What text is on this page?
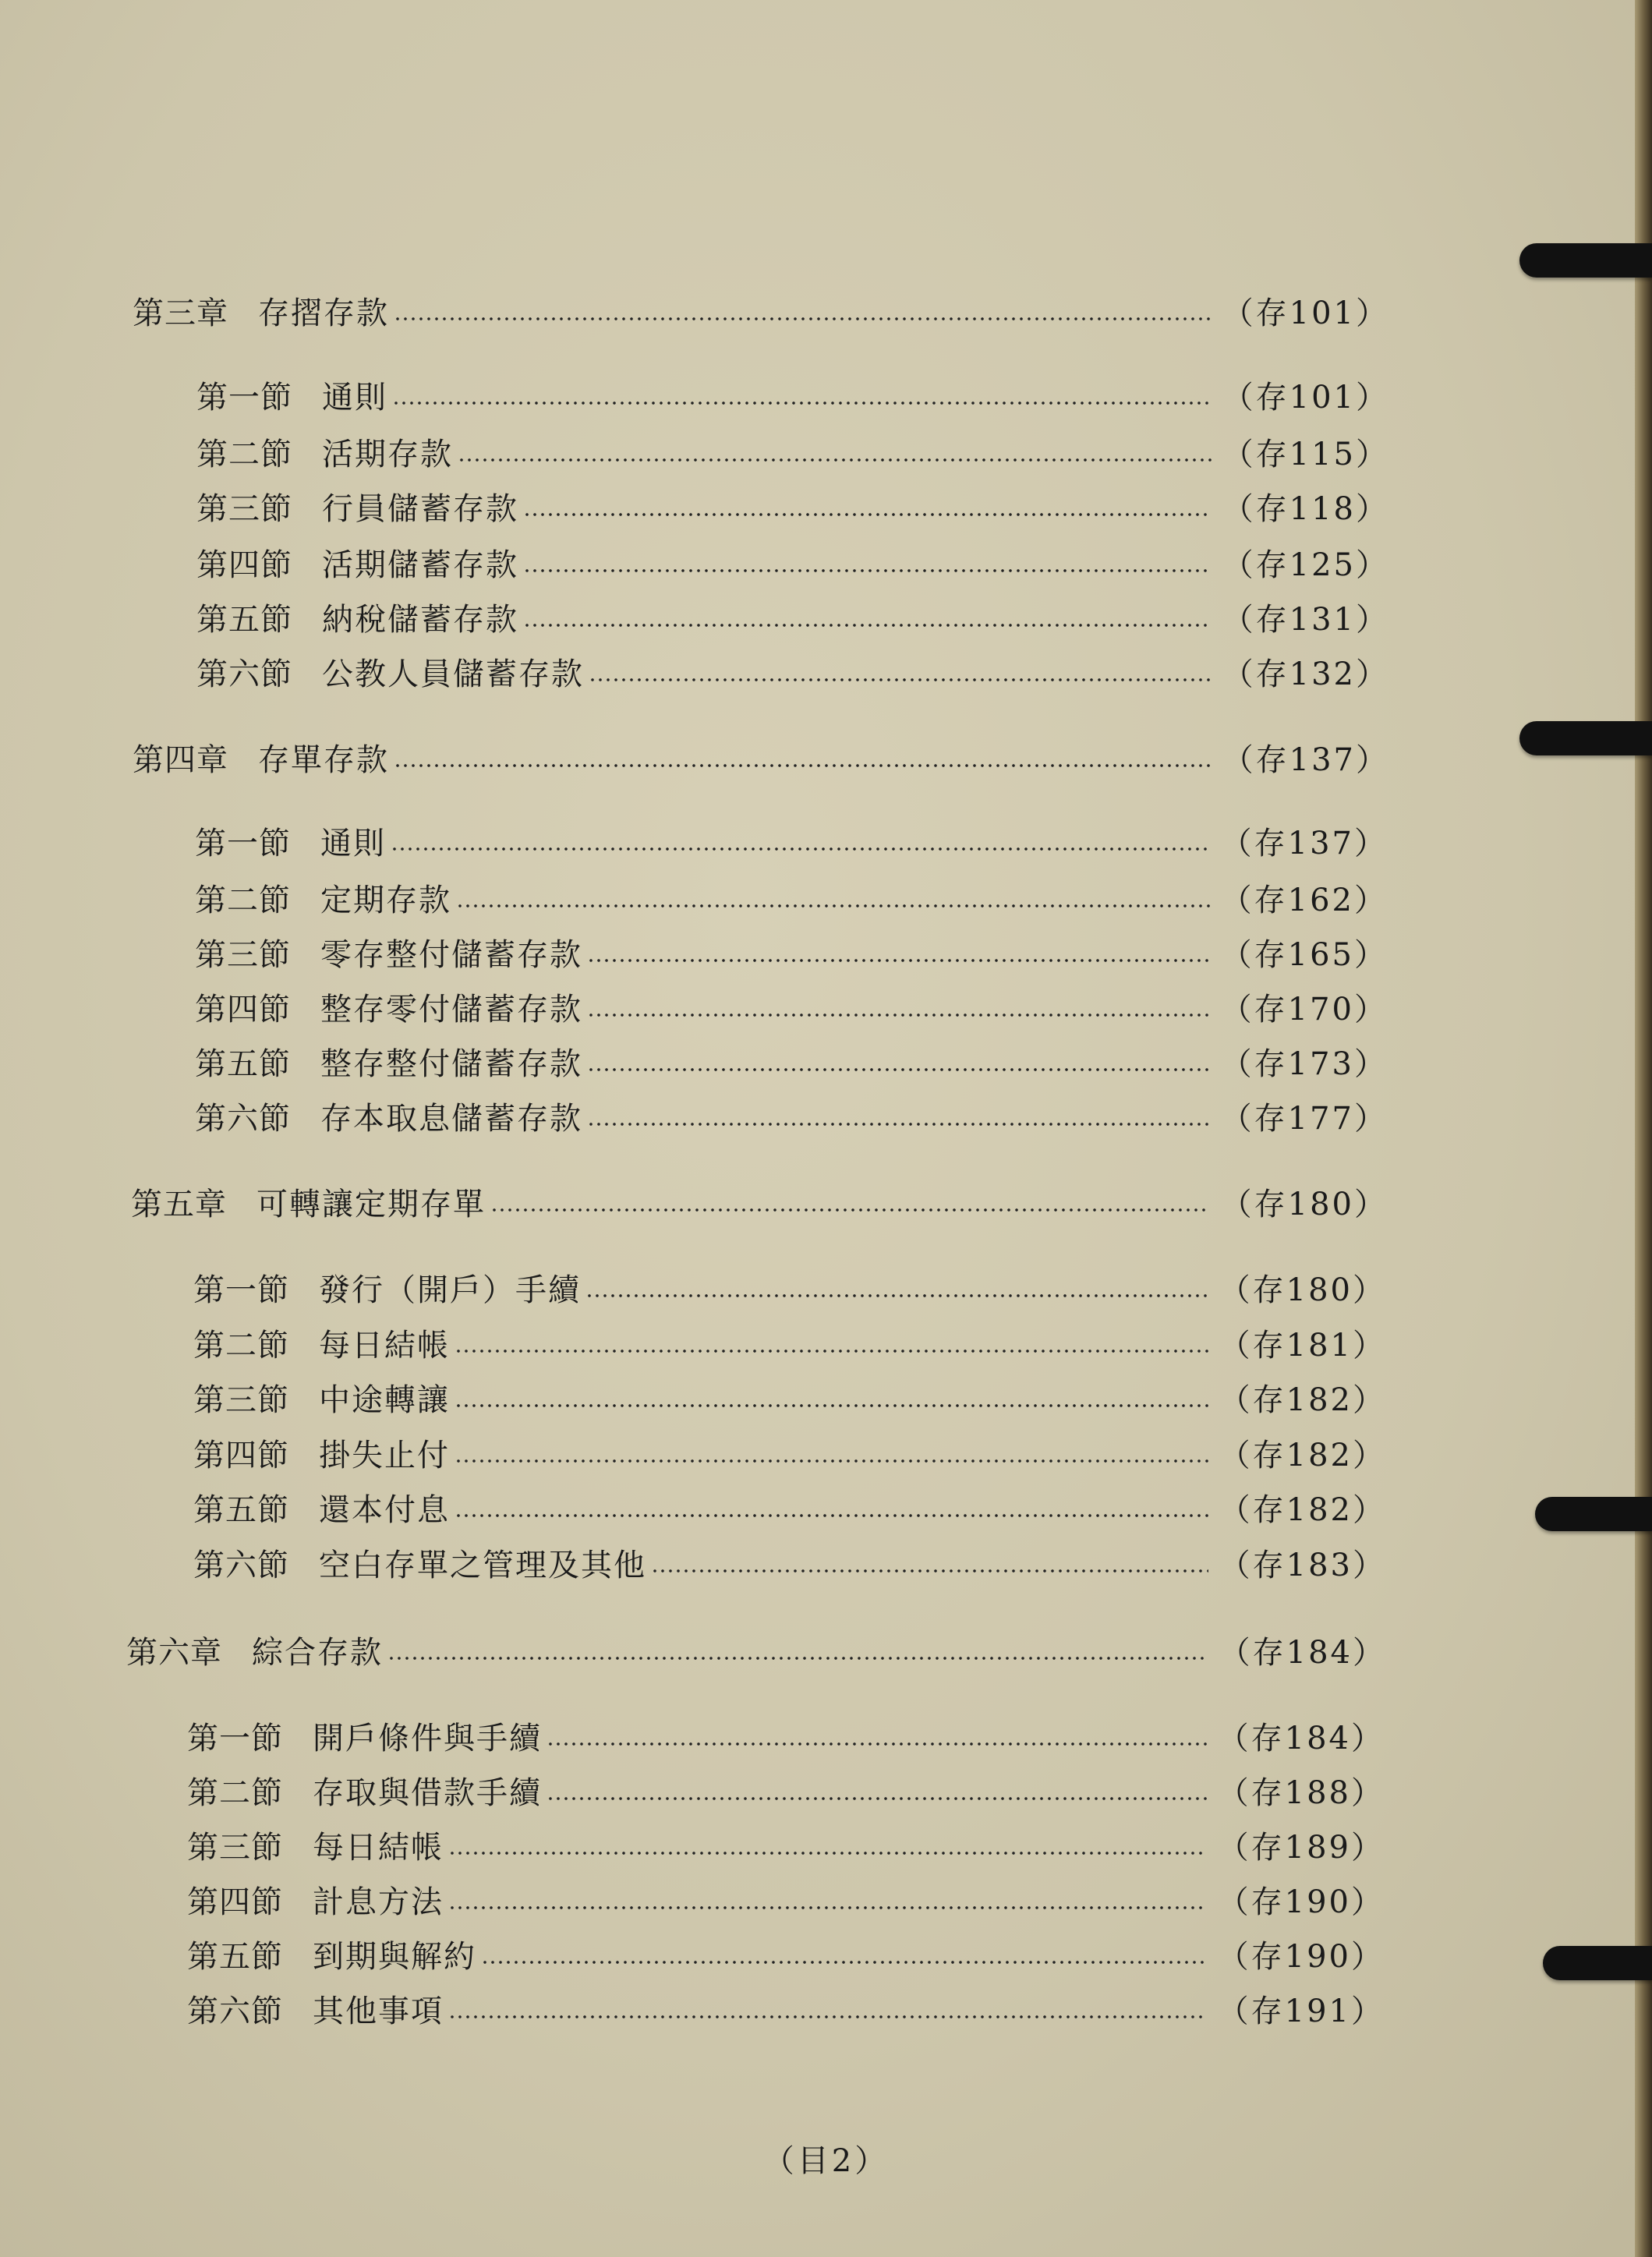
第三章 存摺存款	（存101）
第一節 通則	（存101）
第二節 活期存款	（存115）
第三節 行員儲蓄存款	（存118）
第四節 活期儲蓄存款	（存125）
第五節 納稅儲蓄存款	（存131）
第六節 公教人員儲蓄存款	（存132）
第四章 存單存款	（存137）
第一節 通則	（存137）
第二節 定期存款	（存162）
第三節 零存整付儲蓄存款	（存165）
第四節 整存零付儲蓄存款	（存170）
第五節 整存整付儲蓄存款	（存173）
第六節 存本取息儲蓄存款	（存177）
第五章 可轉讓定期存單	（存180）
第一節 發行（開戶）手續	（存180）
第二節 每日結帳	（存181）
第三節 中途轉讓	（存182）
第四節 掛失止付	（存182）
第五節 還本付息	（存182）
第六節 空白存單之管理及其他	（存183）
第六章 綜合存款	（存184）
第一節 開戶條件與手續	（存184）
第二節 存取與借款手續	（存188）
第三節 每日結帳	（存189）
第四節 計息方法	（存190）
第五節 到期與解約	（存190）
第六節 其他事項	（存191）
（目2）
